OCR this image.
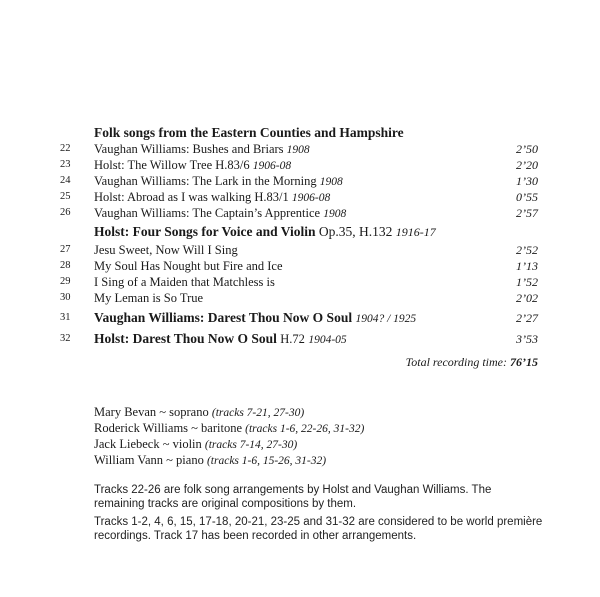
Folk songs from the Eastern Counties and Hampshire
22	Vaughan Williams: Bushes and Briars 1908	2’50
23	Holst: The Willow Tree H.83/6 1906-08	2’20
24	Vaughan Williams: The Lark in the Morning 1908	1’30
25	Holst: Abroad as I was walking H.83/1 1906-08	0’55
26	Vaughan Williams: The Captain’s Apprentice 1908	2’57
Holst: Four Songs for Voice and Violin Op.35, H.132 1916-17
27	Jesu Sweet, Now Will I Sing	2’52
28	My Soul Has Nought but Fire and Ice	1’13
29	I Sing of a Maiden that Matchless is	1’52
30	My Leman is So True	2’02
31	Vaughan Williams: Darest Thou Now O Soul 1904? / 1925	2’27
32	Holst: Darest Thou Now O Soul H.72 1904-05	3’53
Total recording time: 76’15
Mary Bevan ~ soprano (tracks 7-21, 27-30)
Roderick Williams ~ baritone (tracks 1-6, 22-26, 31-32)
Jack Liebeck ~ violin (tracks 7-14, 27-30)
William Vann ~ piano (tracks 1-6, 15-26, 31-32)
Tracks 22-26 are folk song arrangements by Holst and Vaughan Williams. The remaining tracks are original compositions by them.
Tracks 1-2, 4, 6, 15, 17-18, 20-21, 23-25 and 31-32 are considered to be world première recordings. Track 17 has been recorded in other arrangements.
